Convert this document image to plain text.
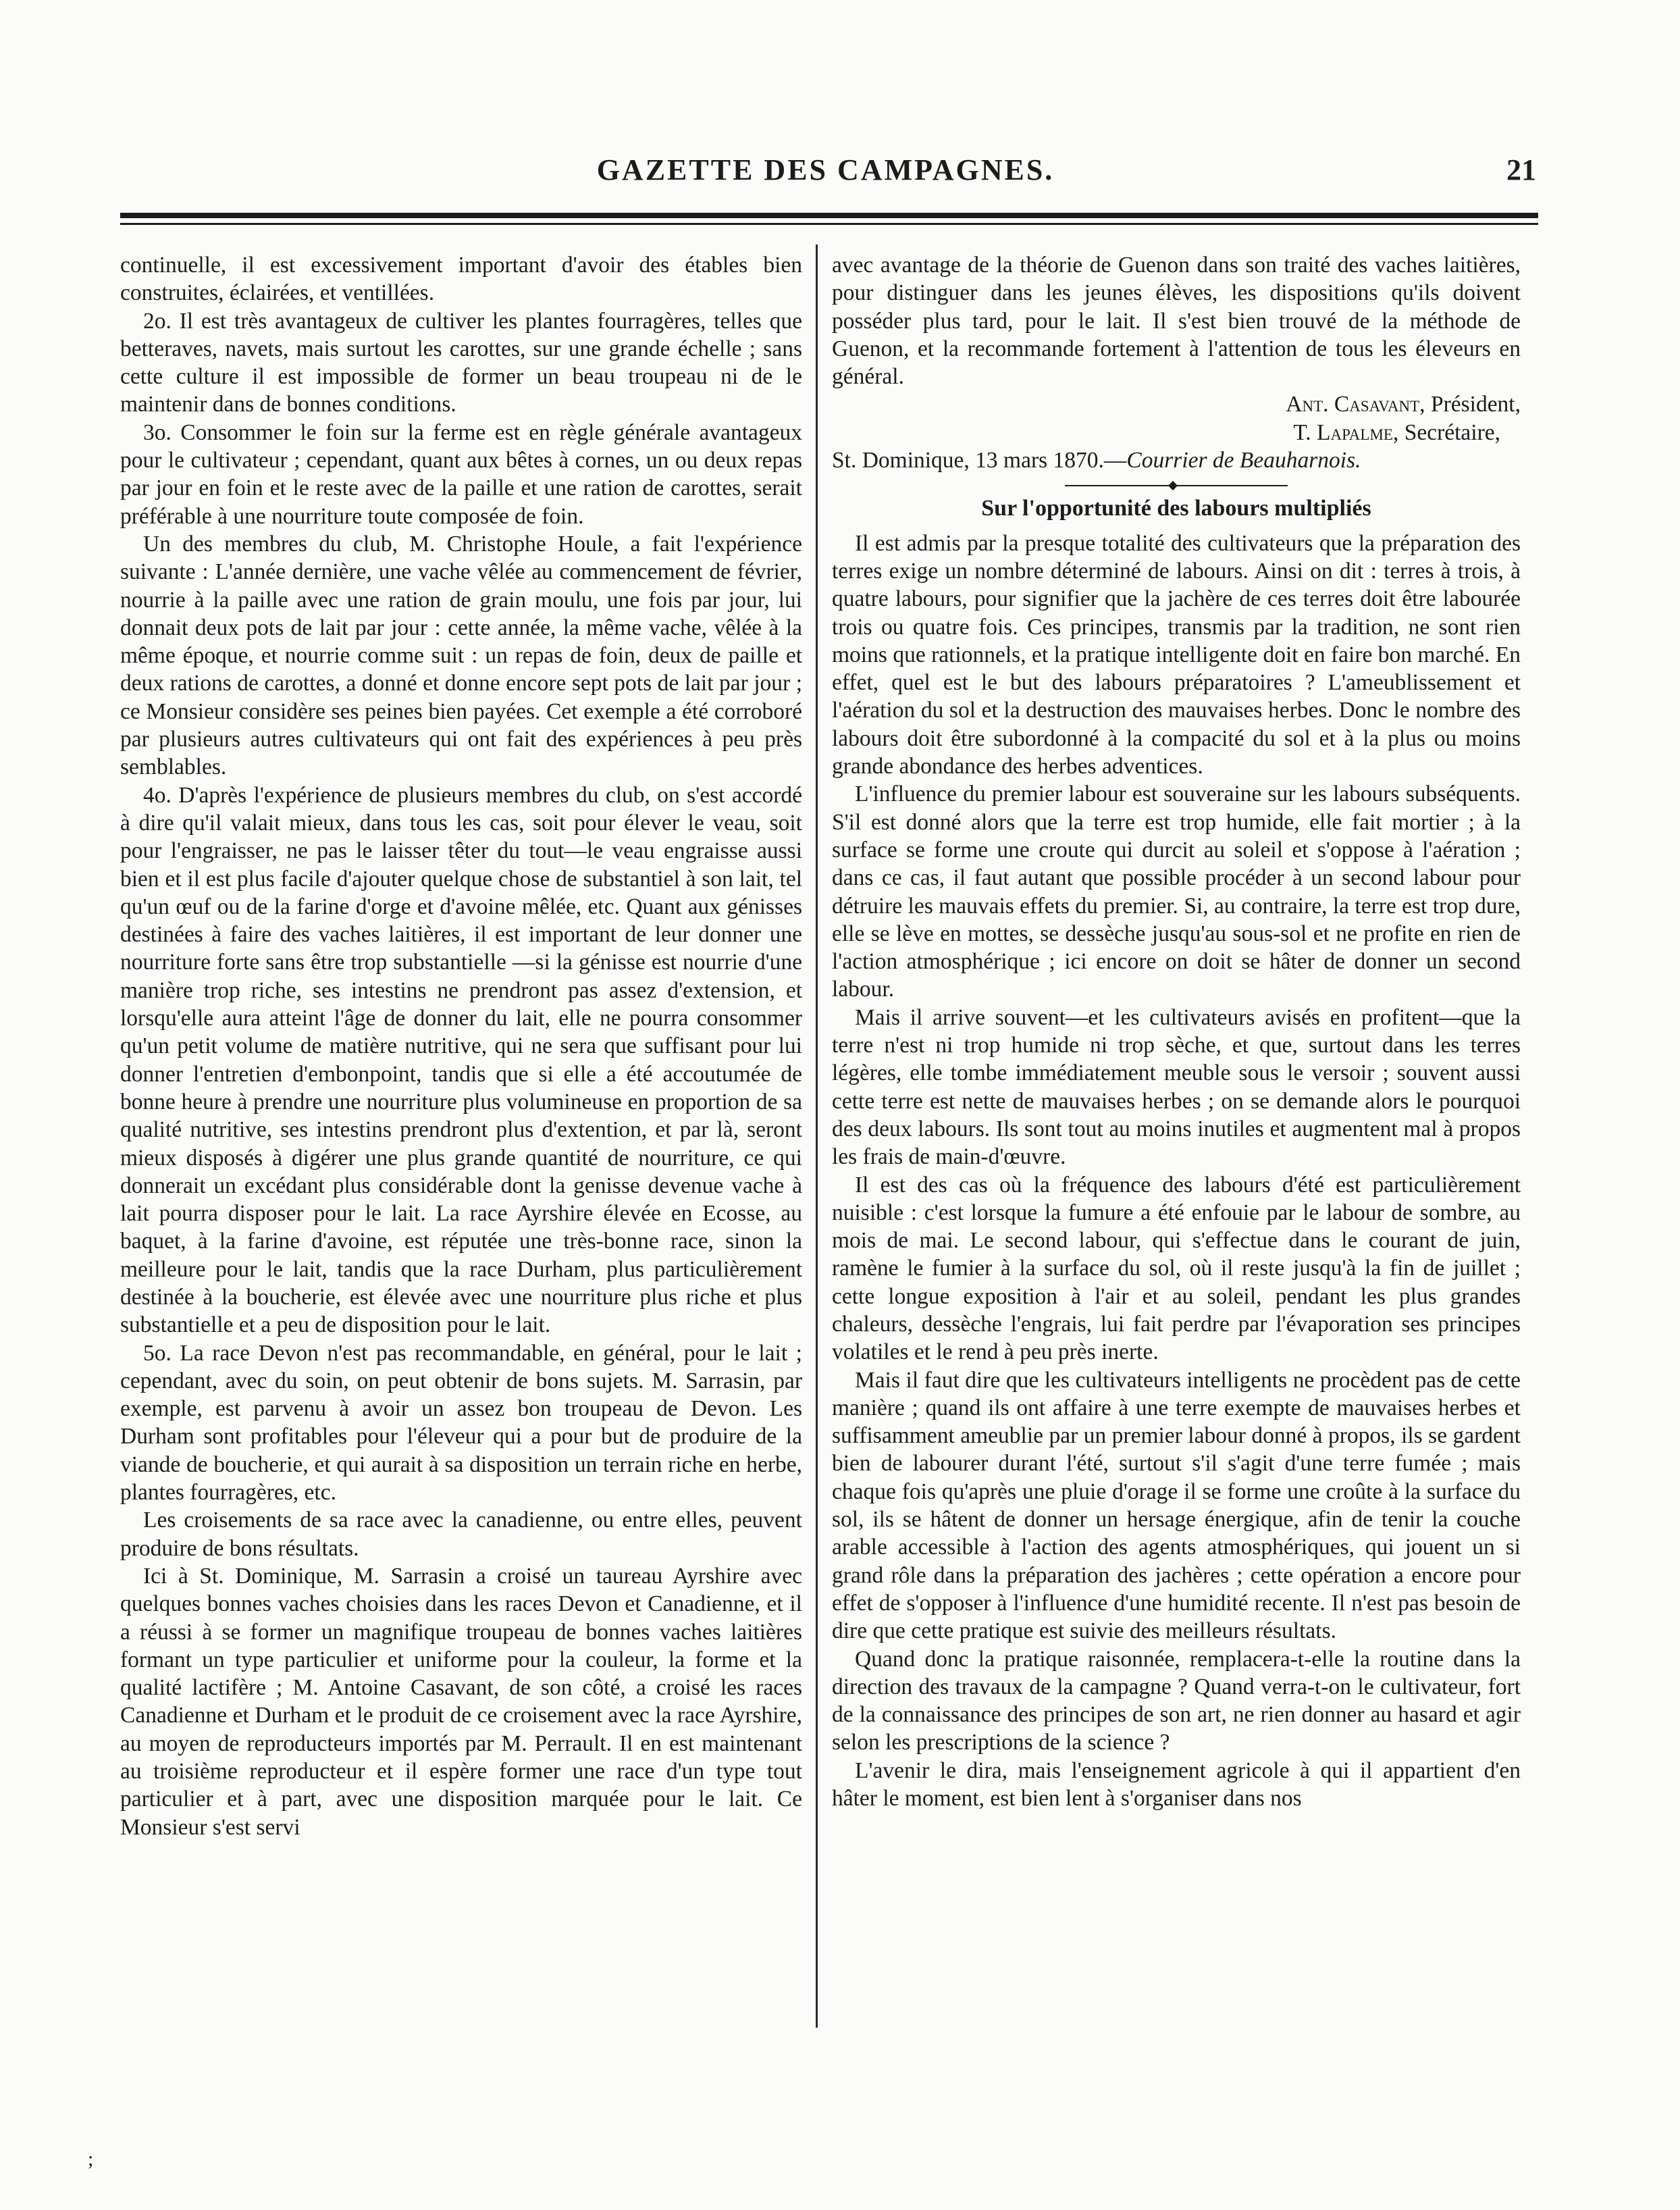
GAZETTE DES CAMPAGNES.	21

continuelle, il est excessivement important d'avoir des étables bien construites, éclairées, et ventillées.

2o. Il est très avantageux de cultiver les plantes fourragères, telles que betteraves, navets, mais surtout les carottes, sur une grande échelle ; sans cette culture il est impossible de former un beau troupeau ni de le maintenir dans de bonnes conditions.

3o. Consommer le foin sur la ferme est en règle générale avantageux pour le cultivateur ; cependant, quant aux bêtes à cornes, un ou deux repas par jour en foin et le reste avec de la paille et une ration de carottes, serait préférable à une nourriture toute composée de foin.

Un des membres du club, M. Christophe Houle, a fait l'expérience suivante : L'année dernière, une vache vêlée au commencement de février, nourrie à la paille avec une ration de grain moulu, une fois par jour, lui donnait deux pots de lait par jour : cette année, la même vache, vêlée à la même époque, et nourrie comme suit : un repas de foin, deux de paille et deux rations de carottes, a donné et donne encore sept pots de lait par jour ; ce Monsieur considère ses peines bien payées. Cet exemple a été corroboré par plusieurs autres cultivateurs qui ont fait des expériences à peu près semblables.

4o. D'après l'expérience de plusieurs membres du club, on s'est accordé à dire qu'il valait mieux, dans tous les cas, soit pour élever le veau, soit pour l'engraisser, ne pas le laisser têter du tout—le veau engraisse aussi bien et il est plus facile d'ajouter quelque chose de substantiel à son lait, tel qu'un œuf ou de la farine d'orge et d'avoine mêlée, etc. Quant aux génisses destinées à faire des vaches laitières, il est important de leur donner une nourriture forte sans être trop substantielle —si la génisse est nourrie d'une manière trop riche, ses intestins ne prendront pas assez d'extension, et lorsqu'elle aura atteint l'âge de donner du lait, elle ne pourra consommer qu'un petit volume de matière nutritive, qui ne sera que suffisant pour lui donner l'entretien d'embonpoint, tandis que si elle a été accoutumée de bonne heure à prendre une nourriture plus volumineuse en proportion de sa qualité nutritive, ses intestins prendront plus d'extention, et par là, seront mieux disposés à digérer une plus grande quantité de nourriture, ce qui donnerait un excédant plus considérable dont la genisse devenue vache à lait pourra disposer pour le lait. La race Ayrshire élevée en Ecosse, au baquet, à la farine d'avoine, est réputée une très-bonne race, sinon la meilleure pour le lait, tandis que la race Durham, plus particulièrement destinée à la boucherie, est élevée avec une nourriture plus riche et plus substantielle et a peu de disposition pour le lait.

5o. La race Devon n'est pas recommandable, en général, pour le lait ; cependant, avec du soin, on peut obtenir de bons sujets. M. Sarrasin, par exemple, est parvenu à avoir un assez bon troupeau de Devon. Les Durham sont profitables pour l'éleveur qui a pour but de produire de la viande de boucherie, et qui aurait à sa disposition un terrain riche en herbe, plantes fourragères, etc.

Les croisements de sa race avec la canadienne, ou entre elles, peuvent produire de bons résultats.

Ici à St. Dominique, M. Sarrasin a croisé un taureau Ayrshire avec quelques bonnes vaches choisies dans les races Devon et Canadienne, et il a réussi à se former un magnifique troupeau de bonnes vaches laitières formant un type particulier et uniforme pour la couleur, la forme et la qualité lactifère ; M. Antoine Casavant, de son côté, a croisé les races Canadienne et Durham et le produit de ce croisement avec la race Ayrshire, au moyen de reproducteurs importés par M. Perrault. Il en est maintenant au troisième reproducteur et il espère former une race d'un type tout particulier et à part, avec une disposition marquée pour le lait. Ce Monsieur s'est servi

avec avantage de la théorie de Guenon dans son traité des vaches laitières, pour distinguer dans les jeunes élèves, les dispositions qu'ils doivent posséder plus tard, pour le lait. Il s'est bien trouvé de la méthode de Guenon, et la recommande fortement à l'attention de tous les éleveurs en général.

Ant. Casavant, Président,

T. Lapalme, Secrétaire,

St. Dominique, 13 mars 1870.—Courrier de Beauharnois.

Sur l'opportunité des labours multipliés

Il est admis par la presque totalité des cultivateurs que la préparation des terres exige un nombre déterminé de labours. Ainsi on dit : terres à trois, à quatre labours, pour signifier que la jachère de ces terres doit être labourée trois ou quatre fois. Ces principes, transmis par la tradition, ne sont rien moins que rationnels, et la pratique intelligente doit en faire bon marché. En effet, quel est le but des labours préparatoires ? L'ameublissement et l'aération du sol et la destruction des mauvaises herbes. Donc le nombre des labours doit être subordonné à la compacité du sol et à la plus ou moins grande abondance des herbes adventices.

L'influence du premier labour est souveraine sur les labours subséquents. S'il est donné alors que la terre est trop humide, elle fait mortier ; à la surface se forme une croute qui durcit au soleil et s'oppose à l'aération ; dans ce cas, il faut autant que possible procéder à un second labour pour détruire les mauvais effets du premier. Si, au contraire, la terre est trop dure, elle se lève en mottes, se dessèche jusqu'au sous-sol et ne profite en rien de l'action atmosphérique ; ici encore on doit se hâter de donner un second labour.

Mais il arrive souvent—et les cultivateurs avisés en profitent—que la terre n'est ni trop humide ni trop sèche, et que, surtout dans les terres légères, elle tombe immédiatement meuble sous le versoir ; souvent aussi cette terre est nette de mauvaises herbes ; on se demande alors le pourquoi des deux labours. Ils sont tout au moins inutiles et augmentent mal à propos les frais de main-d'œuvre.

Il est des cas où la fréquence des labours d'été est particulièrement nuisible : c'est lorsque la fumure a été enfouie par le labour de sombre, au mois de mai. Le second labour, qui s'effectue dans le courant de juin, ramène le fumier à la surface du sol, où il reste jusqu'à la fin de juillet ; cette longue exposition à l'air et au soleil, pendant les plus grandes chaleurs, dessèche l'engrais, lui fait perdre par l'évaporation ses principes volatiles et le rend à peu près inerte.

Mais il faut dire que les cultivateurs intelligents ne procèdent pas de cette manière ; quand ils ont affaire à une terre exempte de mauvaises herbes et suffisamment ameublie par un premier labour donné à propos, ils se gardent bien de labourer durant l'été, surtout s'il s'agit d'une terre fumée ; mais chaque fois qu'après une pluie d'orage il se forme une croûte à la surface du sol, ils se hâtent de donner un hersage énergique, afin de tenir la couche arable accessible à l'action des agents atmosphériques, qui jouent un si grand rôle dans la préparation des jachères ; cette opération a encore pour effet de s'opposer à l'influence d'une humidité recente. Il n'est pas besoin de dire que cette pratique est suivie des meilleurs résultats.

Quand donc la pratique raisonnée, remplacera-t-elle la routine dans la direction des travaux de la campagne ? Quand verra-t-on le cultivateur, fort de la connaissance des principes de son art, ne rien donner au hasard et agir selon les prescriptions de la science ?

L'avenir le dira, mais l'enseignement agricole à qui il appartient d'en hâter le moment, est bien lent à s'organiser dans nos

;
